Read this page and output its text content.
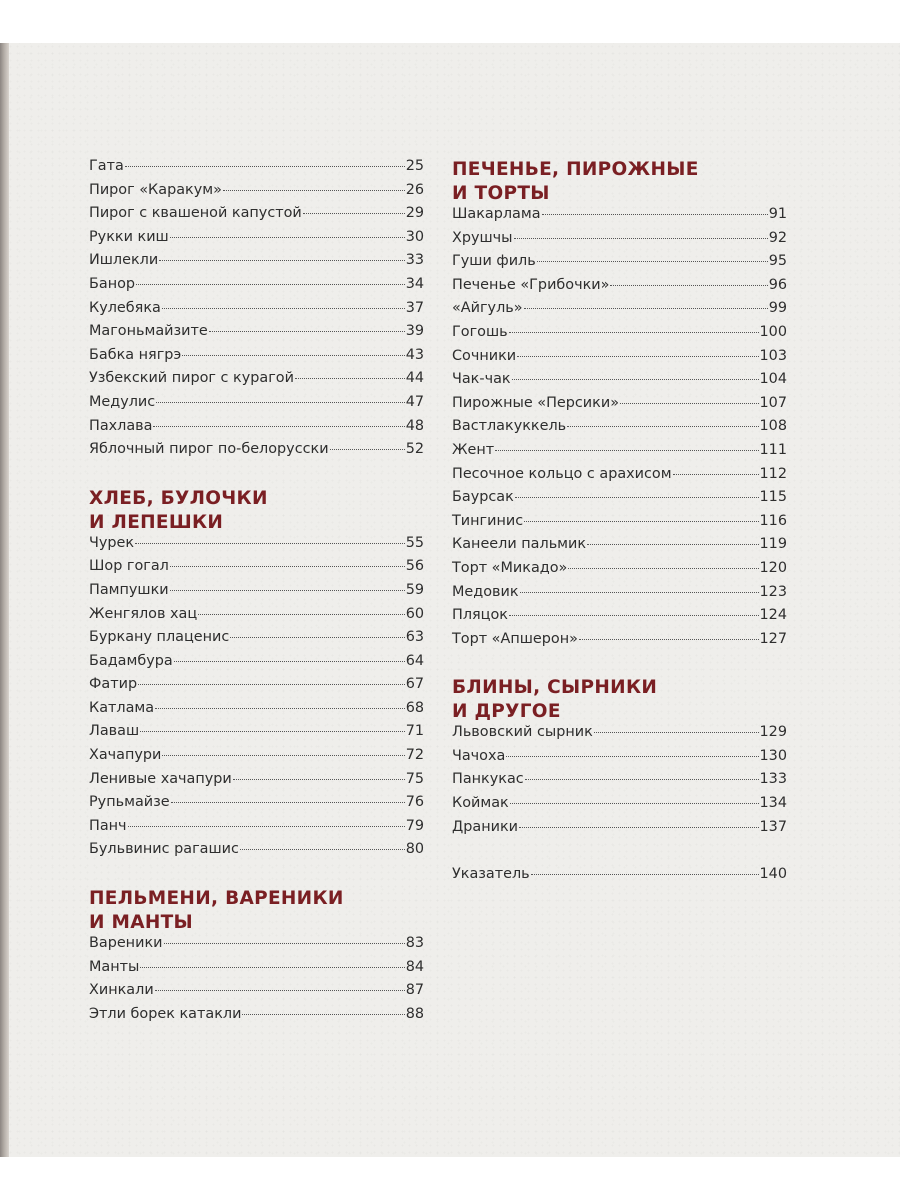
Гата	25
Пирог «Каракум»	26
Пирог с квашеной капустой	29
Рукки киш	30
Ишлекли	33
Банор	34
Кулебяка	37
Магоньмайзите	39
Бабка нягрэ	43
Узбекский пирог с курагой	44
Медулис	47
Пахлава	48
Яблочный пирог по-белорусски	52
ХЛЕБ, БУЛОЧКИ
И ЛЕПЕШКИ
Чурек	55
Шор гогал	56
Пампушки	59
Женгялов хац	60
Буркану плаценис	63
Бадамбура	64
Фатир	67
Катлама	68
Лаваш	71
Хачапури	72
Ленивые хачапури	75
Рупьмайзе	76
Панч	79
Бульвинис рагашис	80
ПЕЛЬМЕНИ, ВАРЕНИКИ
И МАНТЫ
Вареники	83
Манты	84
Хинкали	87
Этли борек катакли	88
ПЕЧЕНЬЕ, ПИРОЖНЫЕ
И ТОРТЫ
Шакарлама	91
Хрушчы	92
Гуши филь	95
Печенье «Грибочки»	96
«Айгуль»	99
Гогошь	100
Сочники	103
Чак-чак	104
Пирожные «Персики»	107
Вастлакуккель	108
Жент	111
Песочное кольцо с арахисом	112
Баурсак	115
Тингинис	116
Канеели пальмик	119
Торт «Микадо»	120
Медовик	123
Пляцок	124
Торт «Апшерон»	127
БЛИНЫ, СЫРНИКИ
И ДРУГОЕ
Львовский сырник	129
Чачоха	130
Панкукас	133
Коймак	134
Драники	137
Указатель	140
